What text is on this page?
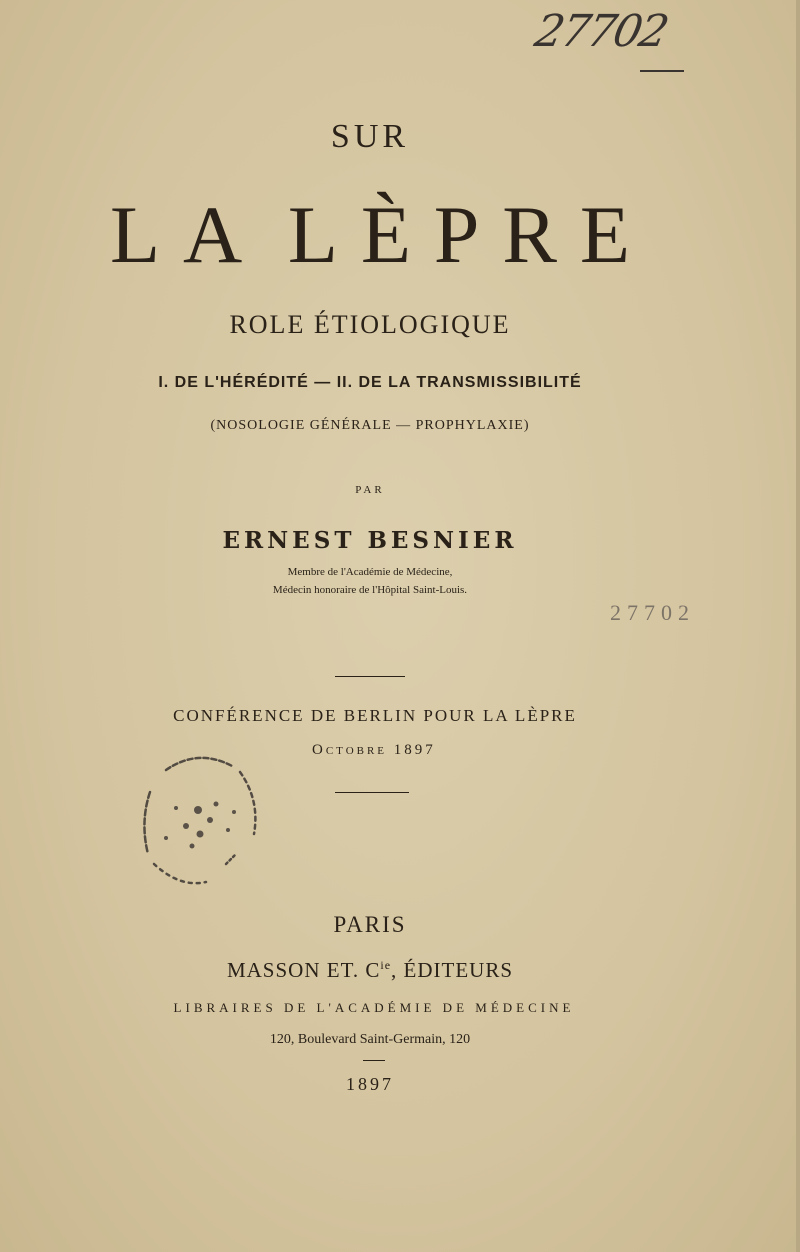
27702
SUR
L A L È P R E
ROLE ÉTIOLOGIQUE
I. DE L'HÉRÉDITÉ — II. DE LA TRANSMISSIBILITÉ
(NOSOLOGIE GÉNÉRALE — PROPHYLAXIE)
PAR
ERNEST BESNIER
Membre de l'Académie de Médecine,
Médecin honoraire de l'Hôpital Saint-Louis.
27702
CONFÉRENCE DE BERLIN POUR LA LÈPRE
Octobre 1897
PARIS
MASSON ET. $C^{ie}$, ÉDITEURS
LIBRAIRES DE L'ACADÉMIE DE MÉDECINE
120, Boulevard Saint-Germain, 120
1897
